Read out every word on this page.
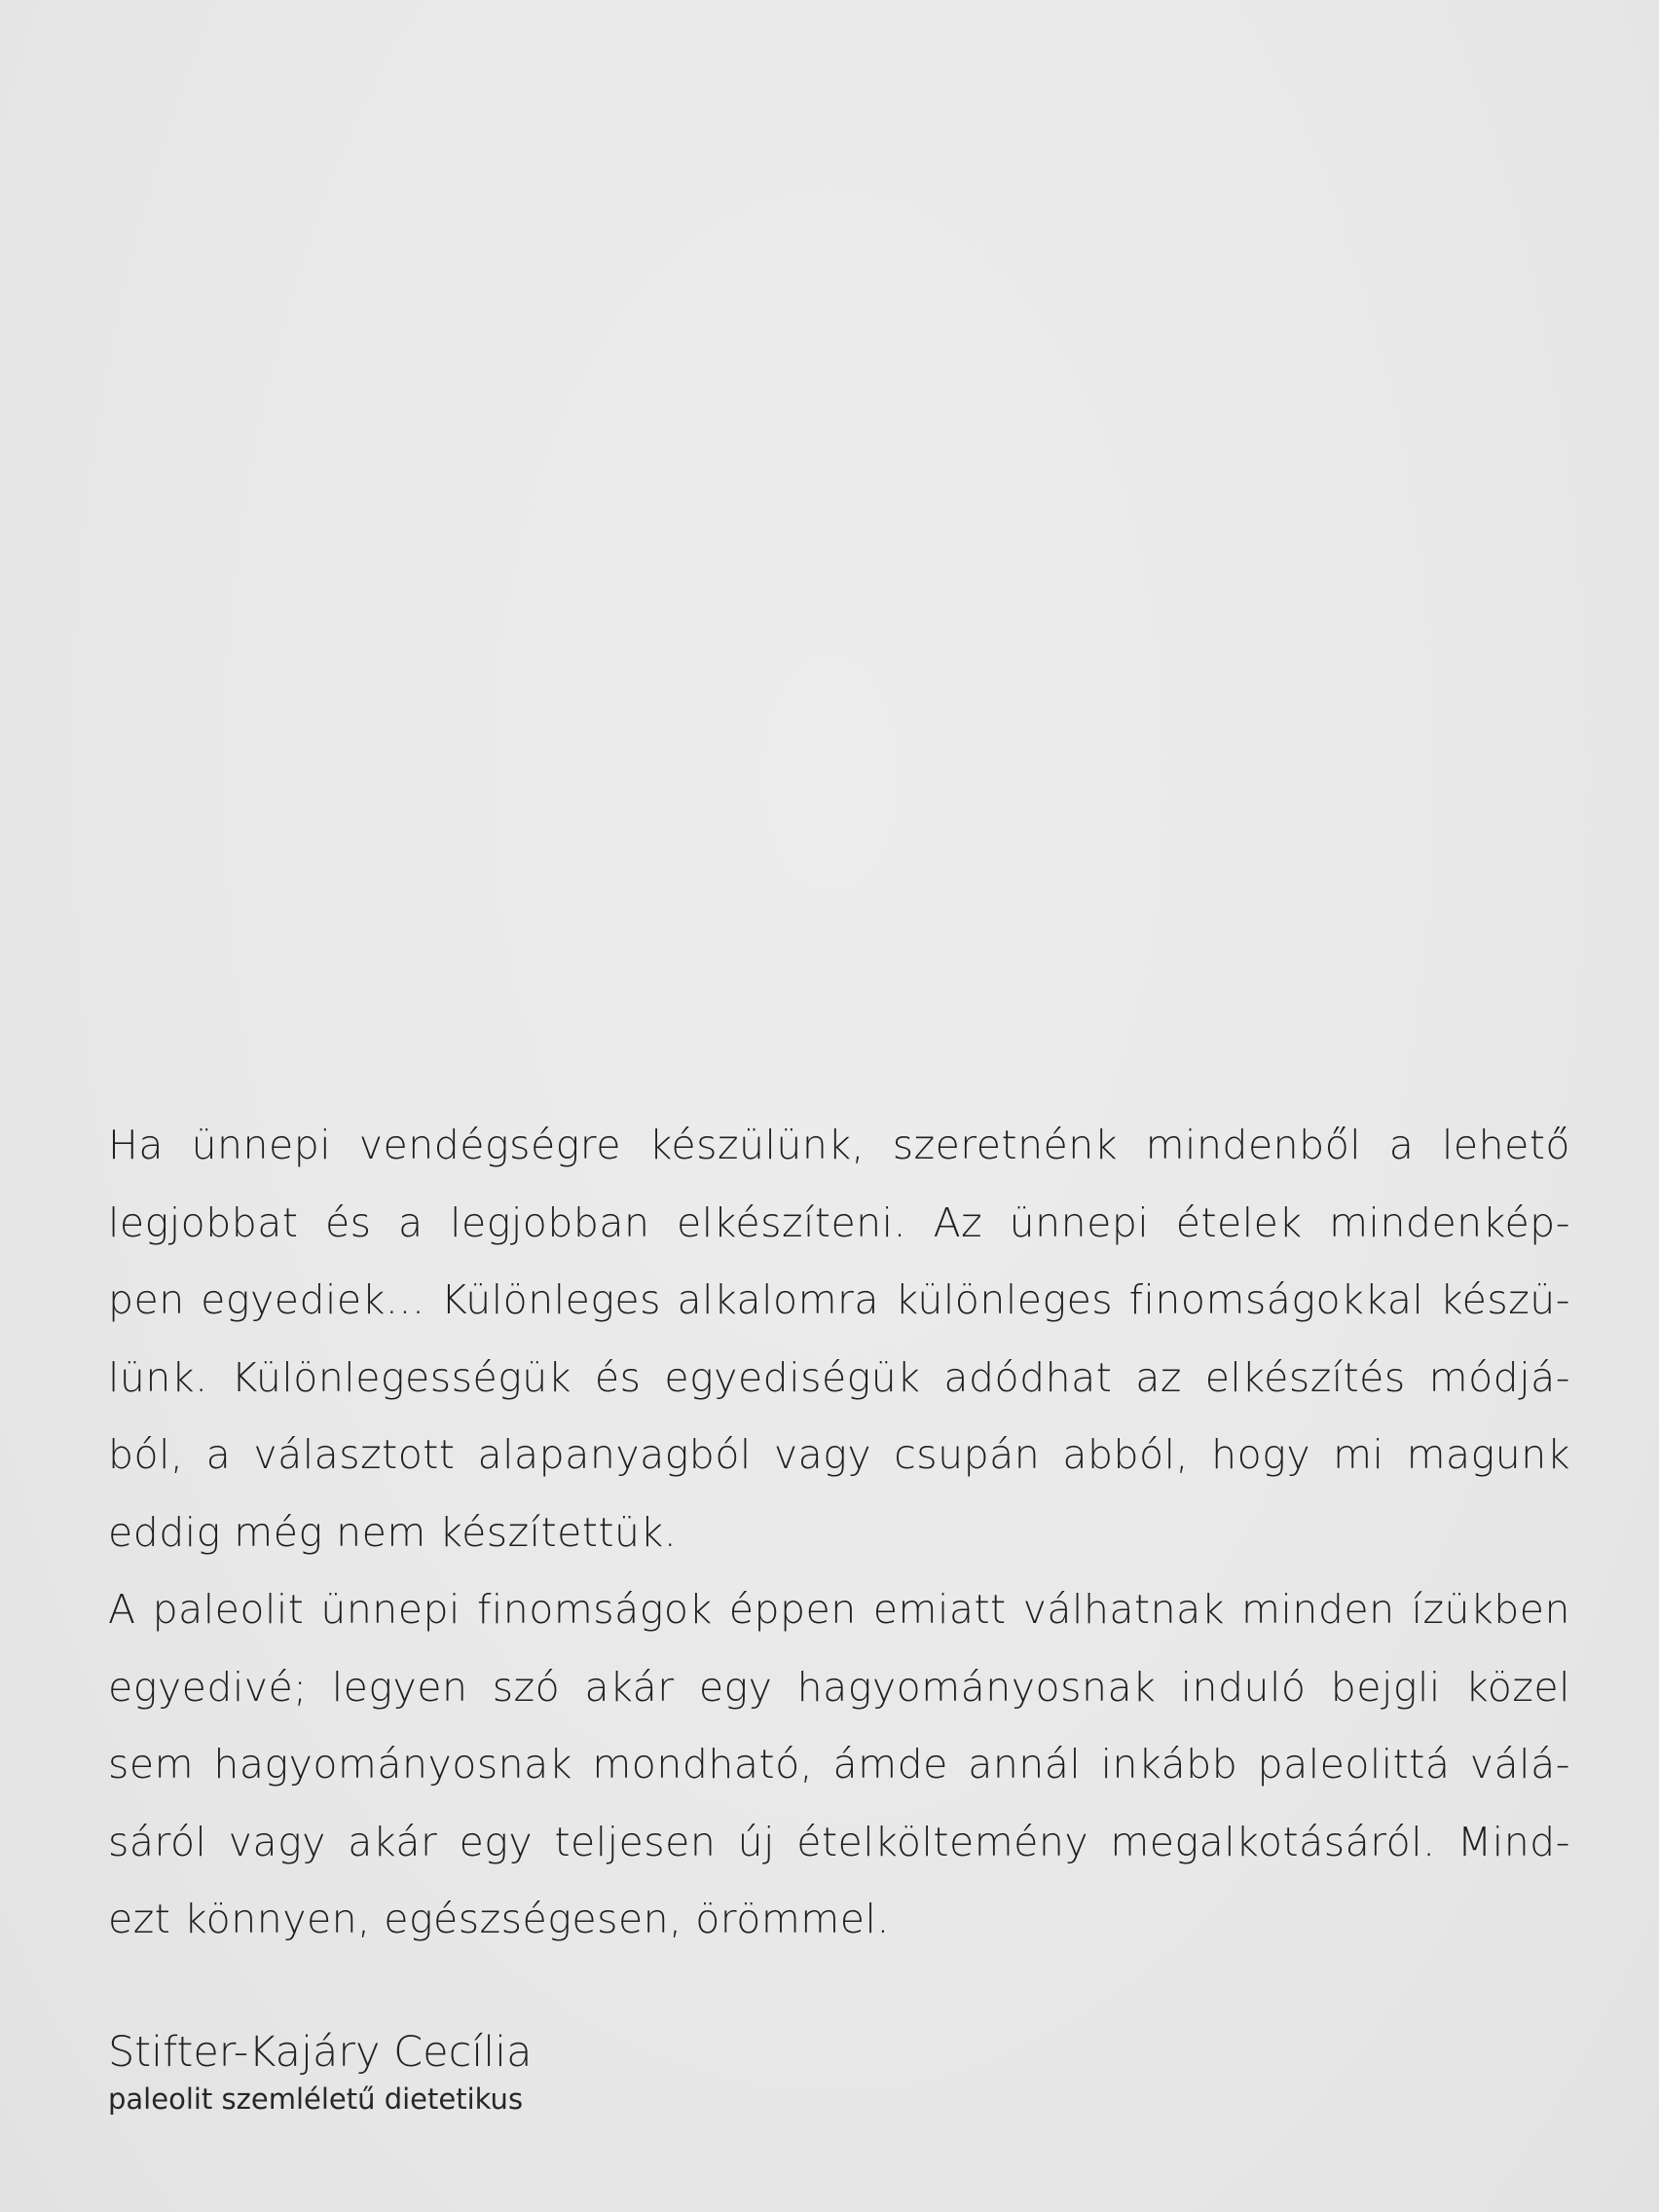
Ha ünnepi vendégségre készülünk, szeretnénk mindenből a lehető
legjobbat és a legjobban elkészíteni. Az ünnepi ételek mindenkép-
pen egyediek... Különleges alkalomra különleges finomságokkal készü-
lünk. Különlegességük és egyediségük adódhat az elkészítés módjá-
ból, a választott alapanyagból vagy csupán abból, hogy mi magunk
eddig még nem készítettük.
A paleolit ünnepi finomságok éppen emiatt válhatnak minden ízükben
egyedivé; legyen szó akár egy hagyományosnak induló bejgli közel
sem hagyományosnak mondható, ámde annál inkább paleolittá válá-
sáról vagy akár egy teljesen új ételköltemény megalkotásáról. Mind-
ezt könnyen, egészségesen, örömmel.
Stifter-Kajáry Cecília
paleolit szemléletű dietetikus
